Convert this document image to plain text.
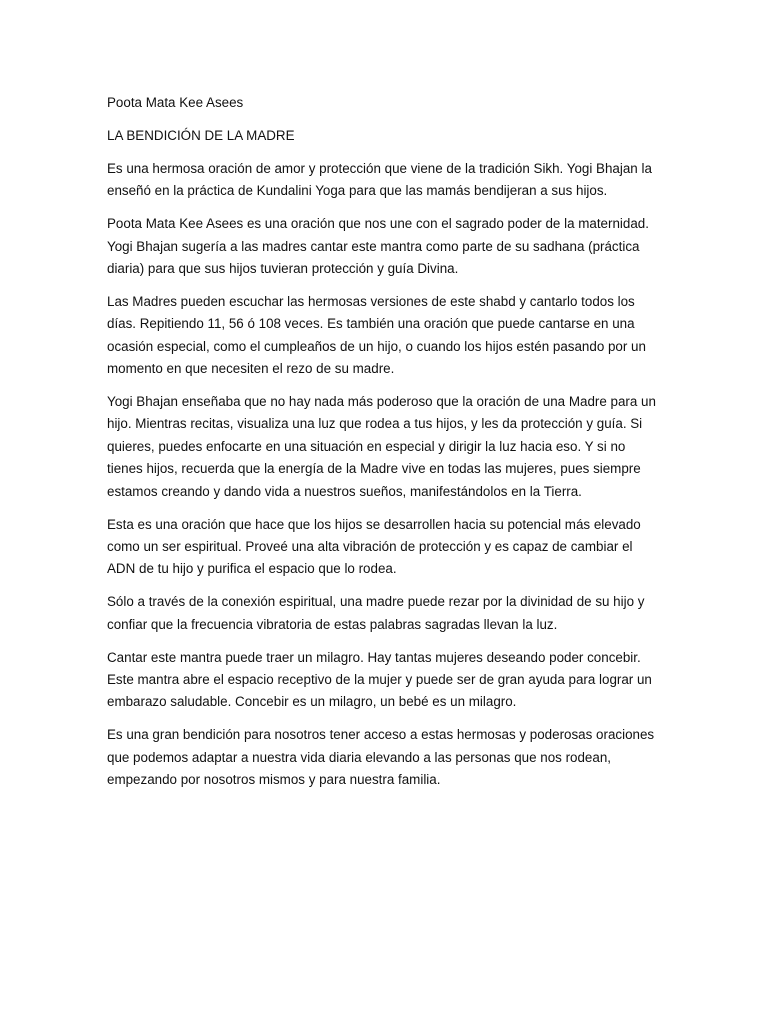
Poota Mata Kee Asees

LA BENDICIÓN DE LA MADRE

Es una hermosa oración de amor y protección que viene de la tradición Sikh. Yogi Bhajan la enseñó en la práctica de Kundalini Yoga para que las mamás bendijeran a sus hijos.

Poota Mata Kee Asees es una oración que nos une con el sagrado poder de la maternidad. Yogi Bhajan sugería a las madres cantar este mantra como parte de su sadhana (práctica diaria) para que sus hijos tuvieran protección y guía Divina.

Las Madres pueden escuchar las hermosas versiones de este shabd y cantarlo todos los días. Repitiendo 11, 56 ó 108 veces. Es también una oración que puede cantarse en una ocasión especial, como el cumpleaños de un hijo, o cuando los hijos estén pasando por un momento en que necesiten el rezo de su madre.

Yogi Bhajan enseñaba que no hay nada más poderoso que la oración de una Madre para un hijo. Mientras recitas, visualiza una luz que rodea a tus hijos, y les da protección y guía. Si quieres, puedes enfocarte en una situación en especial y dirigir la luz hacia eso. Y si no tienes hijos, recuerda que la energía de la Madre vive en todas las mujeres, pues siempre estamos creando y dando vida a nuestros sueños, manifestándolos en la Tierra.

Esta es una oración que hace que los hijos se desarrollen hacia su potencial más elevado como un ser espiritual. Proveé una alta vibración de protección y es capaz de cambiar el ADN de tu hijo y purifica el espacio que lo rodea.

Sólo a través de la conexión espiritual, una madre puede rezar por la divinidad de su hijo y confiar que la frecuencia vibratoria de estas palabras sagradas llevan la luz.

Cantar este mantra puede traer un milagro. Hay tantas mujeres deseando poder concebir. Este mantra abre el espacio receptivo de la mujer y puede ser de gran ayuda para lograr un embarazo saludable. Concebir es un milagro, un bebé es un milagro.

Es una gran bendición para nosotros tener acceso a estas hermosas y poderosas oraciones que podemos adaptar a nuestra vida diaria elevando a las personas que nos rodean, empezando por nosotros mismos y para nuestra familia.
